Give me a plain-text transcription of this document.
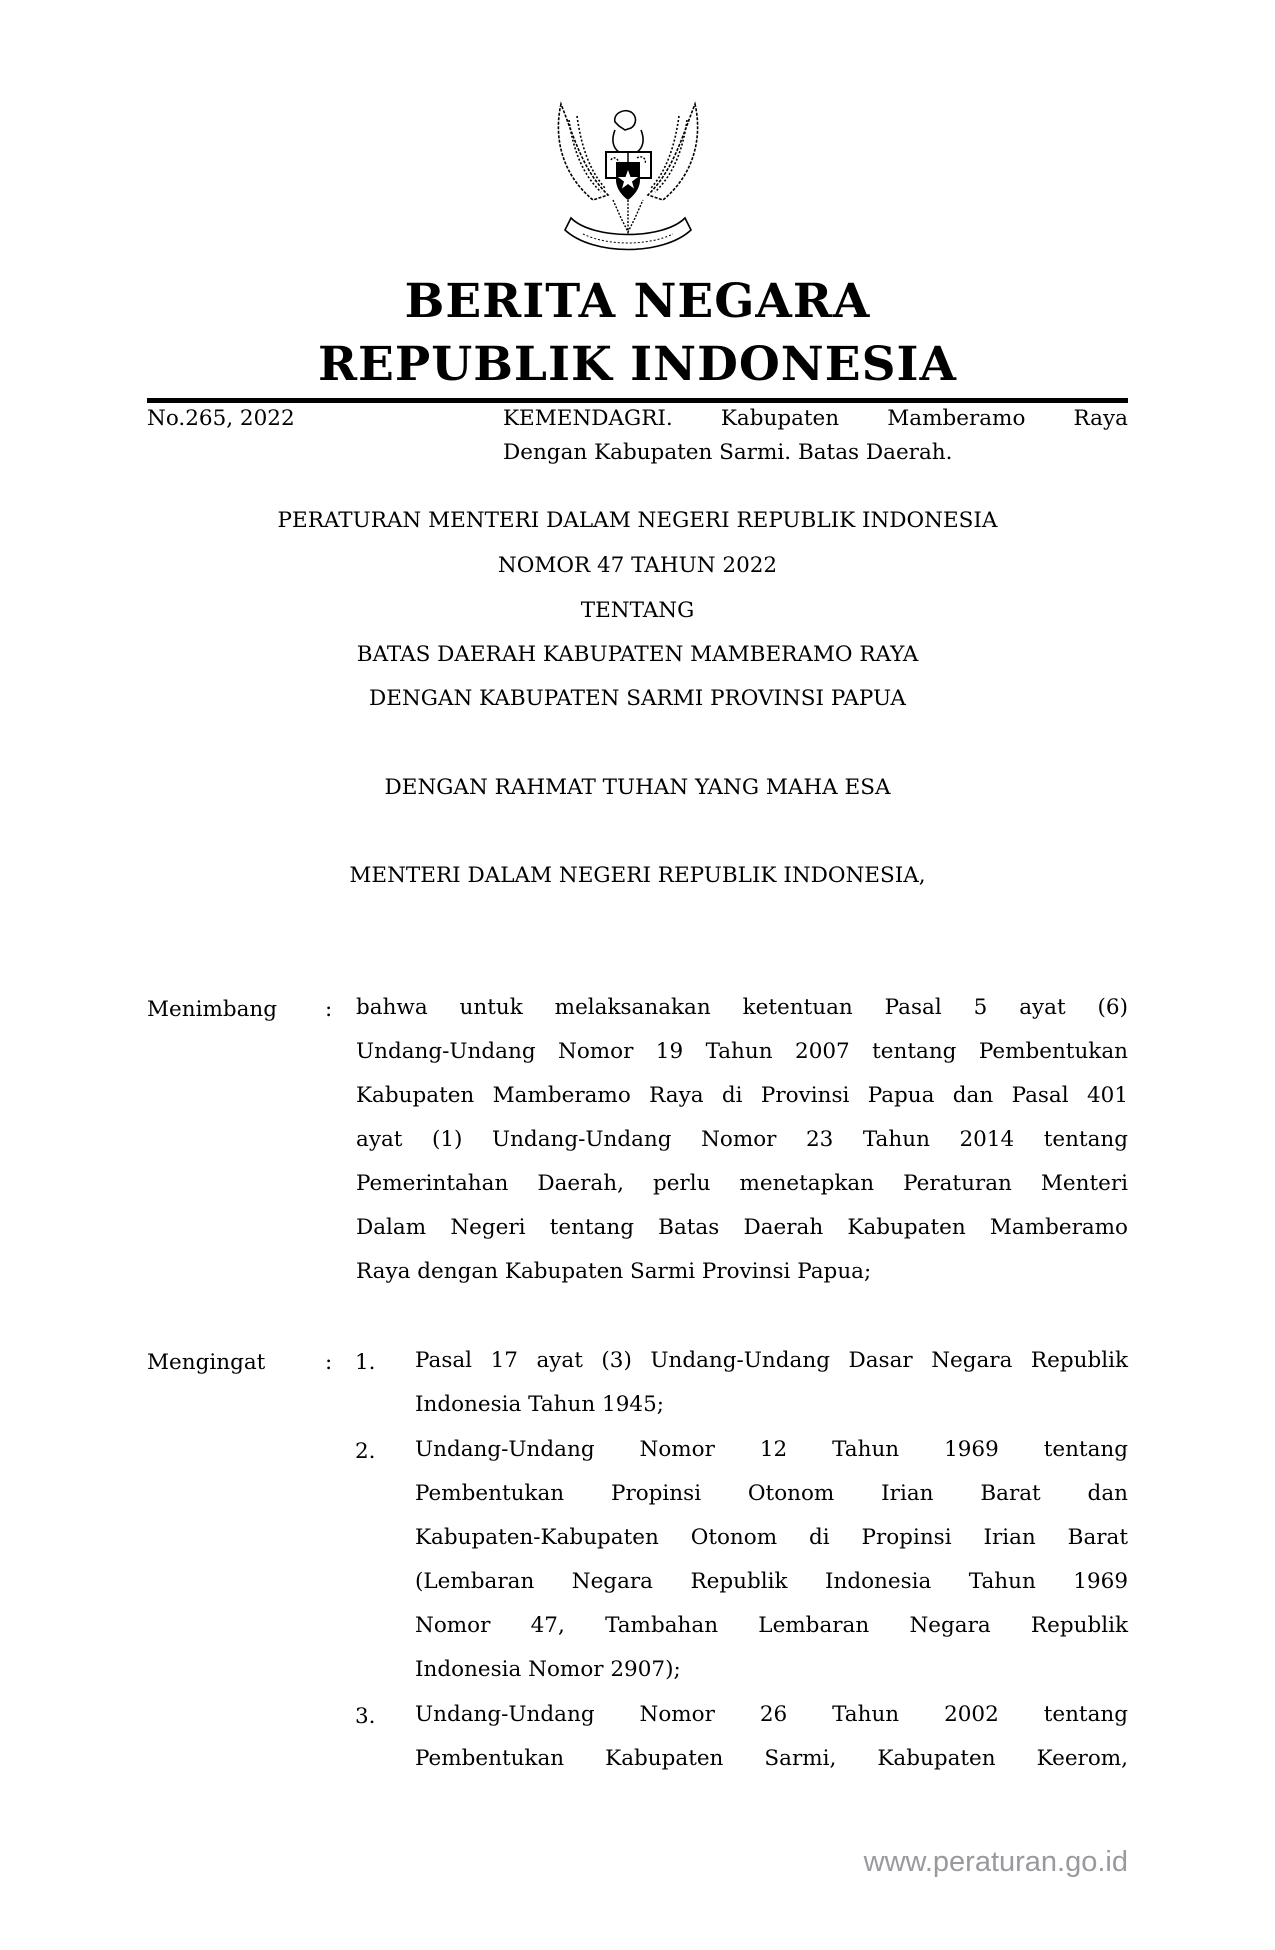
BERITA NEGARA
REPUBLIK INDONESIA
No.265, 2022	KEMENDAGRI. Kabupaten Mamberamo Raya
Dengan Kabupaten Sarmi. Batas Daerah.
PERATURAN MENTERI DALAM NEGERI REPUBLIK INDONESIA
NOMOR 47 TAHUN 2022
TENTANG
BATAS DAERAH KABUPATEN MAMBERAMO RAYA
DENGAN KABUPATEN SARMI PROVINSI PAPUA
DENGAN RAHMAT TUHAN YANG MAHA ESA
MENTERI DALAM NEGERI REPUBLIK INDONESIA,
Menimbang : bahwa untuk melaksanakan ketentuan Pasal 5 ayat (6)
Undang-Undang Nomor 19 Tahun 2007 tentang Pembentukan
Kabupaten Mamberamo Raya di Provinsi Papua dan Pasal 401
ayat (1) Undang-Undang Nomor 23 Tahun 2014 tentang
Pemerintahan Daerah, perlu menetapkan Peraturan Menteri
Dalam Negeri tentang Batas Daerah Kabupaten Mamberamo
Raya dengan Kabupaten Sarmi Provinsi Papua;
Mengingat	: 1. Pasal 17 ayat (3) Undang-Undang Dasar Negara Republik
Indonesia Tahun 1945;
2. Undang-Undang Nomor 12 Tahun 1969 tentang
Pembentukan Propinsi Otonom Irian Barat dan
Kabupaten-Kabupaten Otonom di Propinsi Irian Barat
(Lembaran Negara Republik Indonesia Tahun 1969
Nomor 47, Tambahan Lembaran Negara Republik
Indonesia Nomor 2907);
3. Undang-Undang Nomor 26 Tahun 2002 tentang
Pembentukan Kabupaten Sarmi, Kabupaten Keerom,
www.peraturan.go.id
